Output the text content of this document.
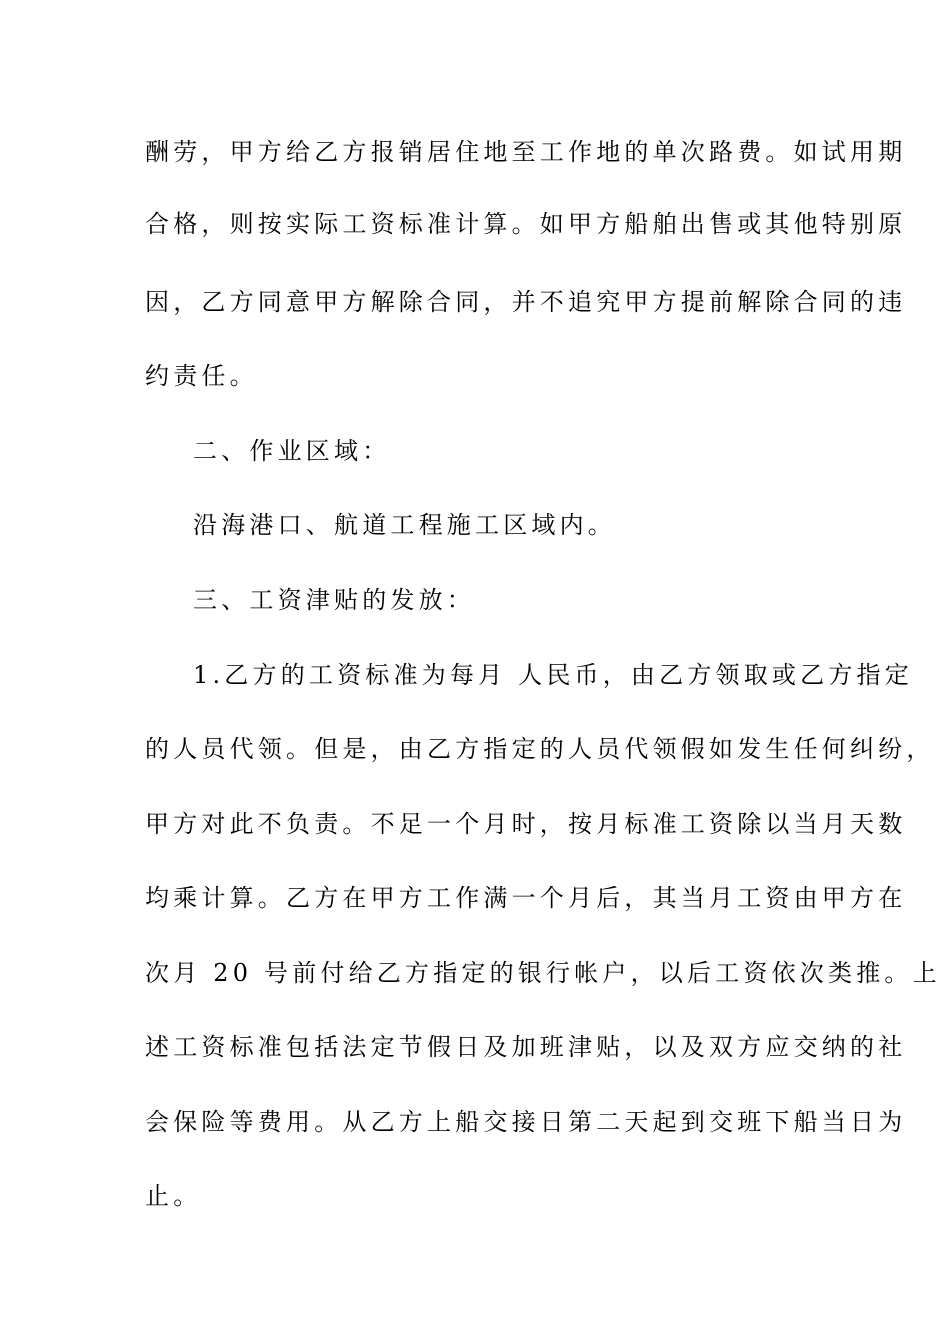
酬劳，甲方给乙方报销居住地至工作地的单次路费。如试用期
合格，则按实际工资标准计算。如甲方船舶出售或其他特别原
因，乙方同意甲方解除合同，并不追究甲方提前解除合同的违
约责任。
二、作业区域：
沿海港口、航道工程施工区域内。
三、工资津贴的发放：
1.乙方的工资标准为每月 人民币，由乙方领取或乙方指定
的人员代领。但是，由乙方指定的人员代领假如发生任何纠纷，
甲方对此不负责。不足一个月时，按月标准工资除以当月天数
均乘计算。乙方在甲方工作满一个月后，其当月工资由甲方在
次月 20 号前付给乙方指定的银行帐户，以后工资依次类推。上
述工资标准包括法定节假日及加班津贴，以及双方应交纳的社
会保险等费用。从乙方上船交接日第二天起到交班下船当日为
止。
